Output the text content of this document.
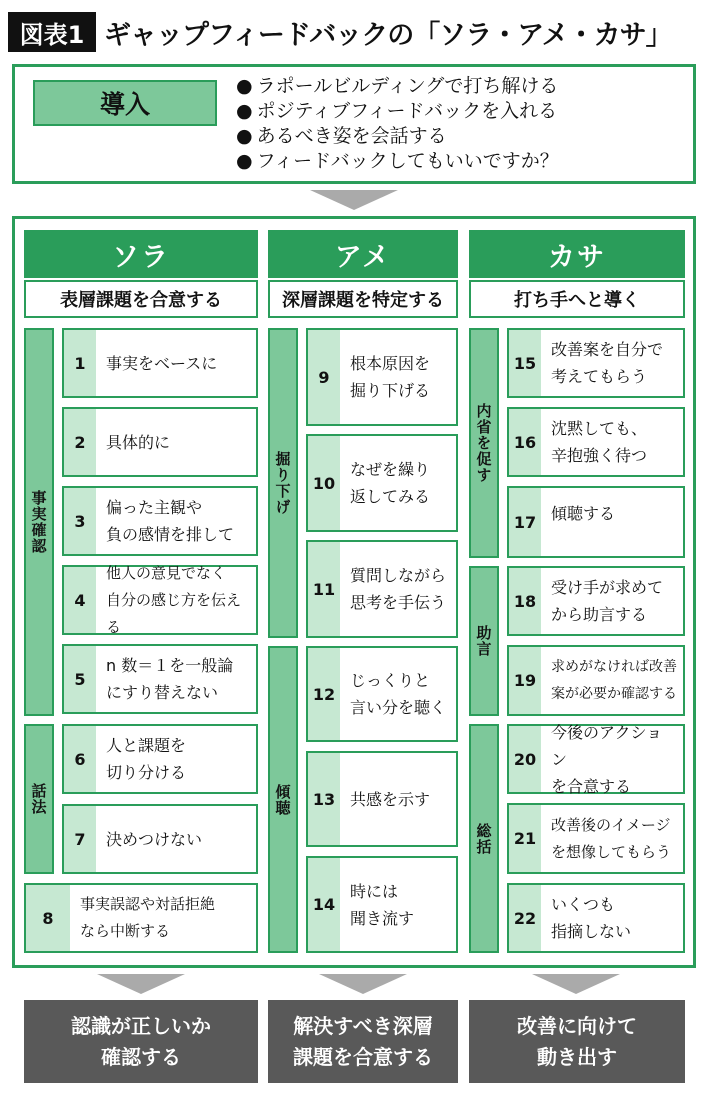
図表1 ギャップフィードバックの「ソラ・アメ・カサ」
導入
● ラポールビルディングで打ち解ける
● ポジティブフィードバックを入れる
● あるべき姿を会話する
● フィードバックしてもいいですか？
ソラ
表層課題を合意する
アメ
深層課題を特定する
カサ
打ち手へと導く
事実確認
話法
1	事実をベースに
2	具体的に
3
偏った主観や
負の感情を排して
4
他人の意見でなく
自分の感じ方を伝える
5
n 数＝１を一般論
にすり替えない
6
人と課題を
切り分ける
7	決めつけない
8
事実誤認や対話拒絶
なら中断する
掘り下げ
傾聴
9
根本原因を
掘り下げる
10
なぜを繰り
返してみる
11
質問しながら
思考を手伝う
12
じっくりと
言い分を聴く
13 共感を示す
14
時には
聞き流す
内省を促す
助言
総括
15
改善案を自分で
考えてもらう
16
沈黙しても、
辛抱強く待つ
17 傾聴する
18
受け手が求めて
から助言する
19
求めがなければ改善
案が必要か確認する
20
今後のアクション
を合意する
21
改善後のイメージ
を想像してもらう
22
いくつも
指摘しない
認識が正しいか
確認する
解決すべき深層
課題を合意する
改善に向けて
動き出す
